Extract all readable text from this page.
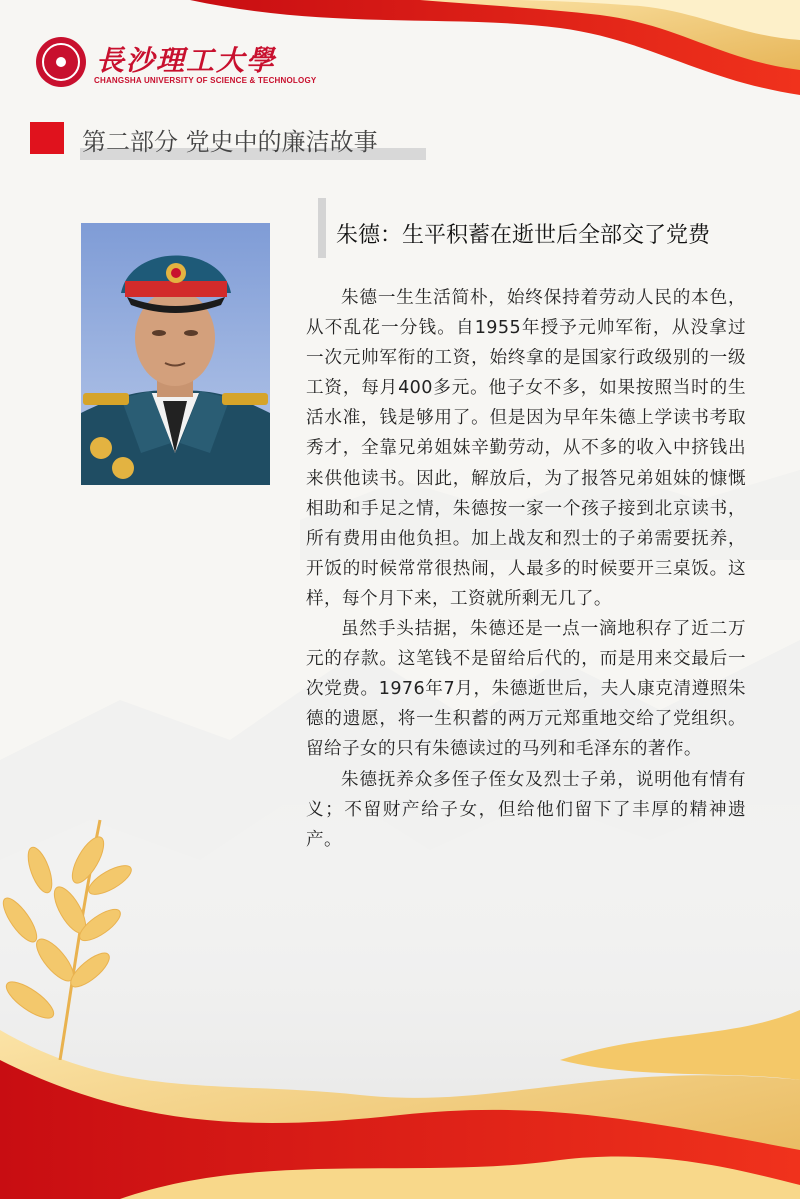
長沙理工大學
CHANGSHA UNIVERSITY OF SCIENCE & TECHNOLOGY
第二部分 党史中的廉洁故事
朱德：生平积蓄在逝世后全部交了党费

朱德一生生活简朴，始终保持着劳动人民的本色，从不乱花一分钱。自1955年授予元帅军衔，从没拿过一次元帅军衔的工资，始终拿的是国家行政级别的一级工资，每月400多元。他子女不多，如果按照当时的生活水准，钱是够用了。但是因为早年朱德上学读书考取秀才，全靠兄弟姐妹辛勤劳动，从不多的收入中挤钱出来供他读书。因此，解放后，为了报答兄弟姐妹的慷慨相助和手足之情，朱德按一家一个孩子接到北京读书，所有费用由他负担。加上战友和烈士的子弟需要抚养，开饭的时候常常很热闹，人最多的时候要开三桌饭。这样，每个月下来，工资就所剩无几了。

虽然手头拮据，朱德还是一点一滴地积存了近二万元的存款。这笔钱不是留给后代的，而是用来交最后一次党费。1976年7月，朱德逝世后，夫人康克清遵照朱德的遗愿，将一生积蓄的两万元郑重地交给了党组织。留给子女的只有朱德读过的马列和毛泽东的著作。

朱德抚养众多侄子侄女及烈士子弟，说明他有情有义；不留财产给子女，但给他们留下了丰厚的精神遗产。
